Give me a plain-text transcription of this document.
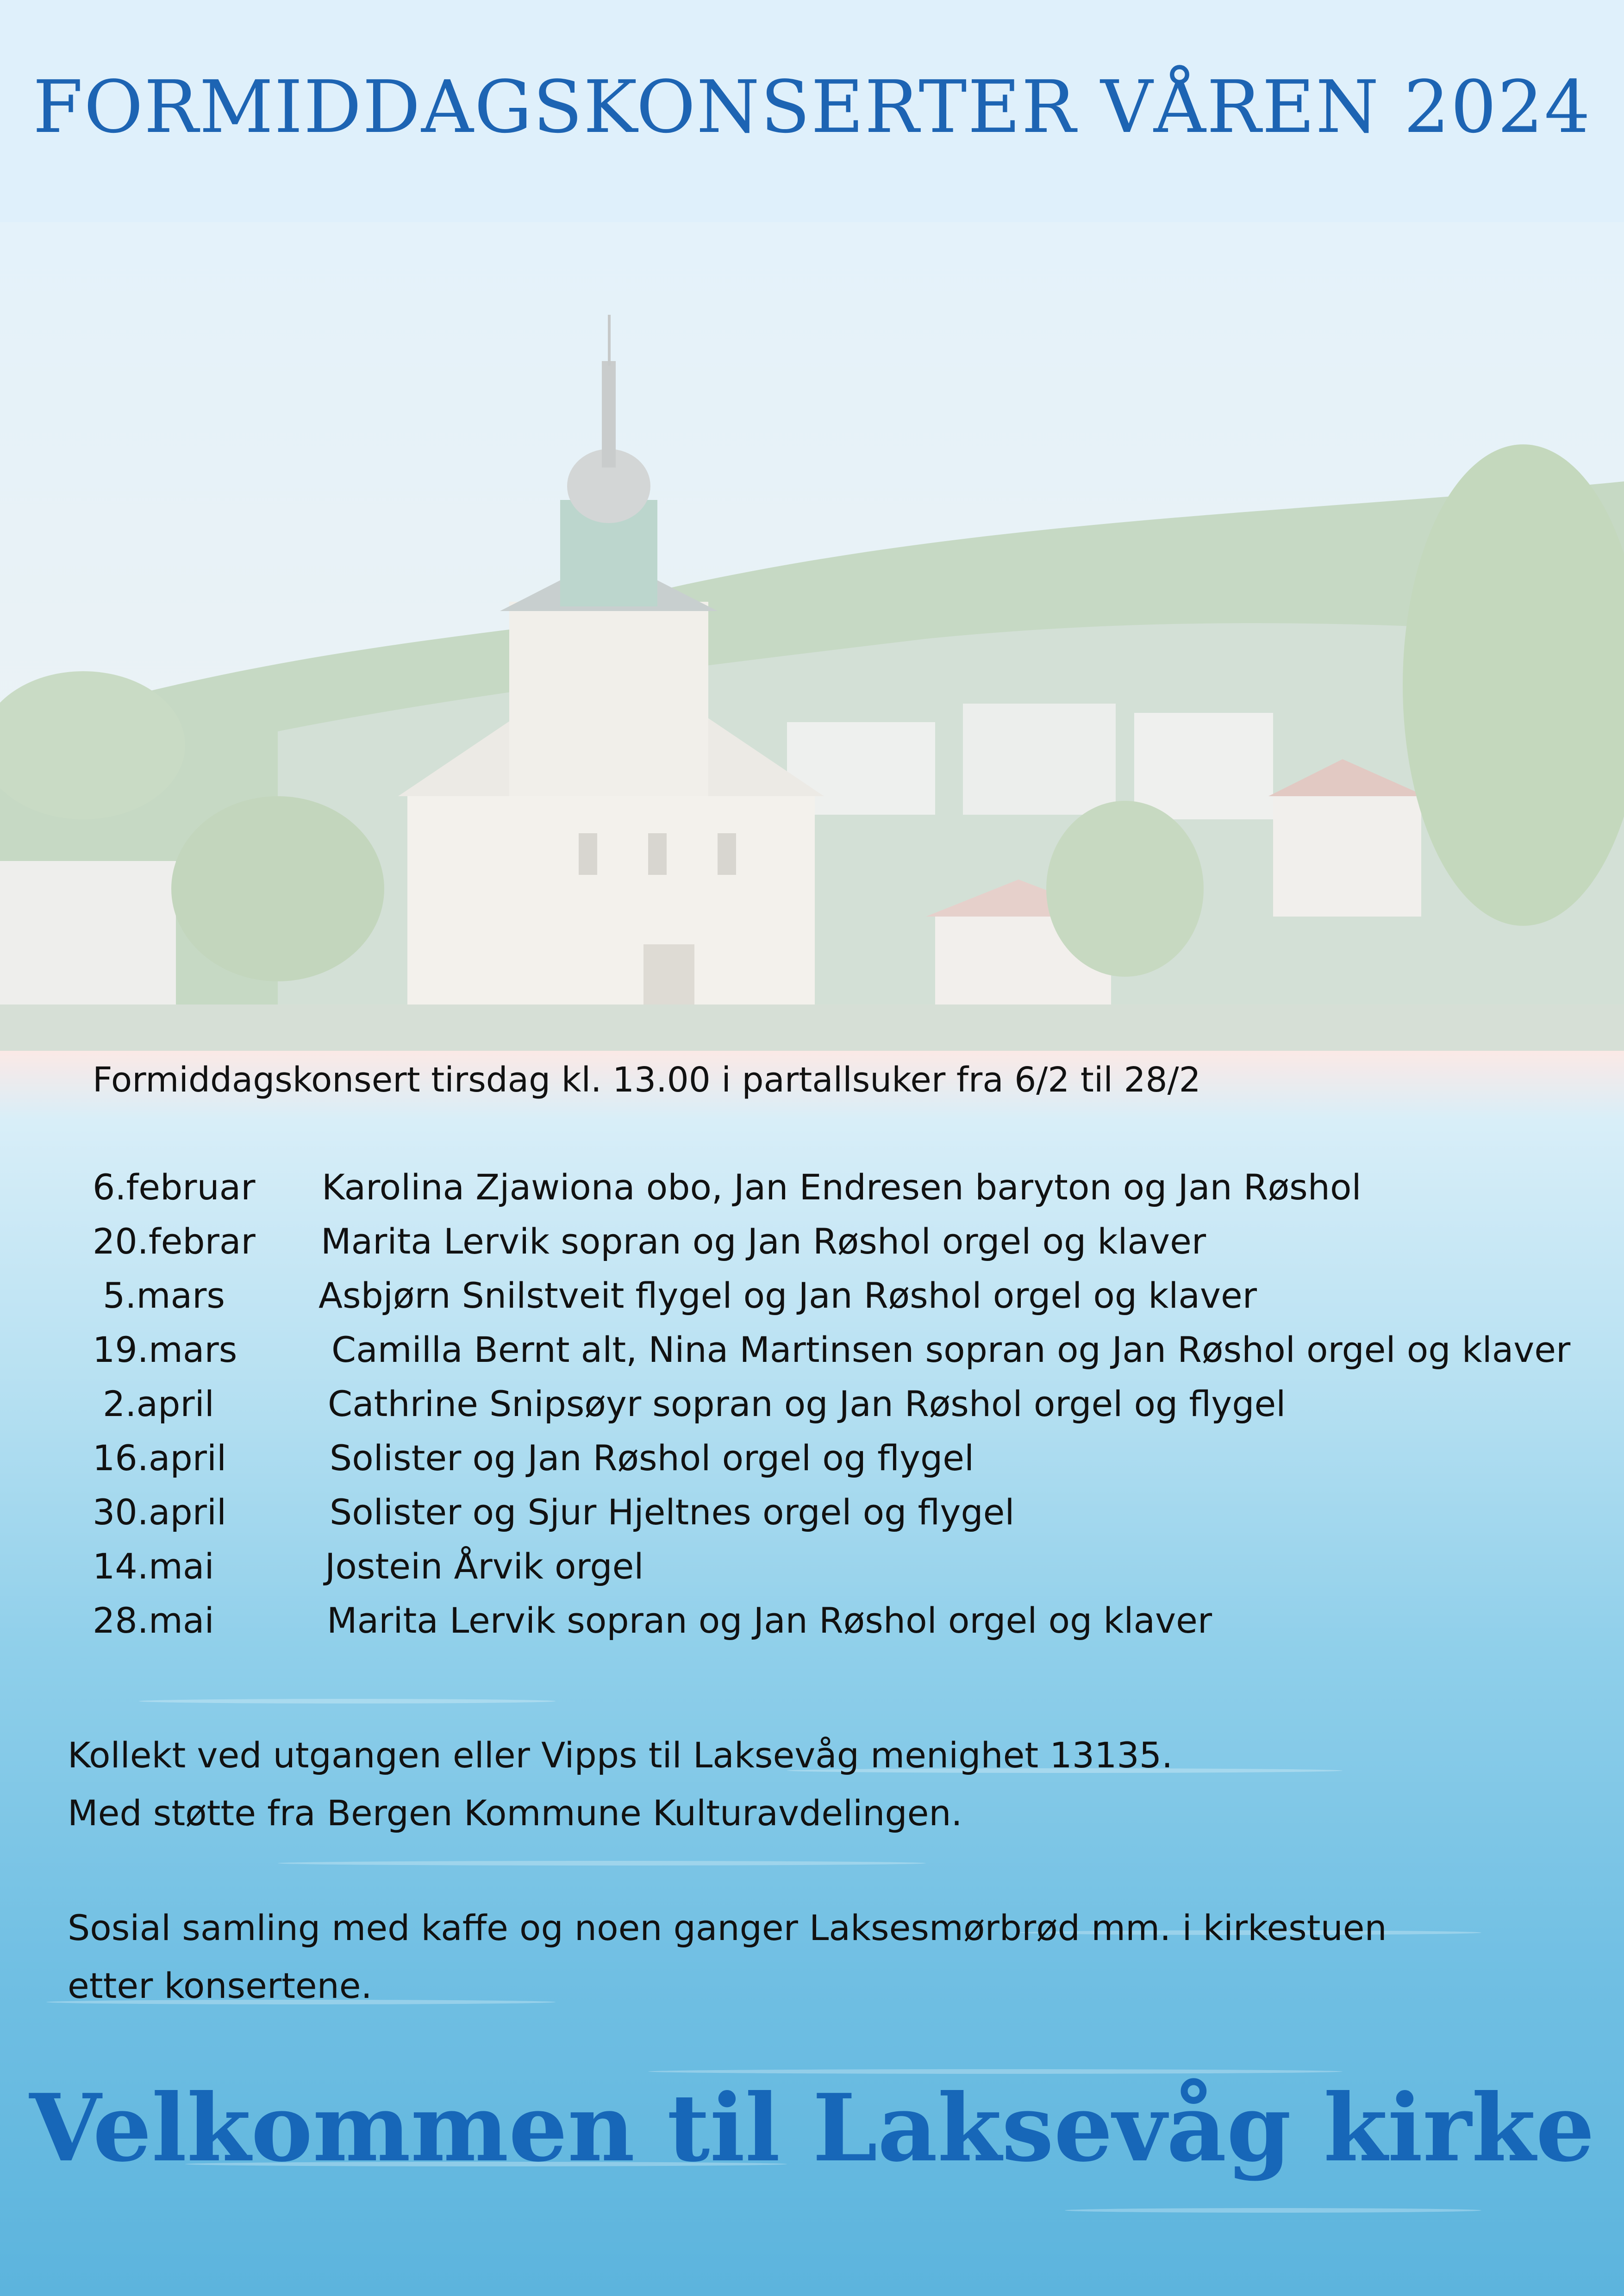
FORMIDDAGSKONSERTER VÅREN 2024
Formiddagskonsert tirsdag kl. 13.00 i partallsuker fra 6/2 til 28/2
6.februar Karolina Zjawiona obo, Jan Endresen baryton og Jan Røshol
20.febrar Marita Lervik sopran og Jan Røshol orgel og klaver
5.mars	Asbjørn Snilstveit flygel og Jan Røshol orgel og klaver
19.mars	Camilla Bernt alt, Nina Martinsen sopran og Jan Røshol orgel og klaver
2.april	Cathrine Snipsøyr sopran og Jan Røshol orgel og flygel
16.april	Solister og Jan Røshol orgel og flygel
30.april	Solister og Sjur Hjeltnes orgel og flygel
14.mai	Jostein Årvik orgel
28.mai	Marita Lervik sopran og Jan Røshol orgel og klaver
Kollekt ved utgangen eller Vipps til Laksevåg menighet 13135.
Med støtte fra Bergen Kommune Kulturavdelingen.
Sosial samling med kaffe og noen ganger Laksesmørbrød mm. i kirkestuen
etter konsertene.
Velkommen til Laksevåg kirke
